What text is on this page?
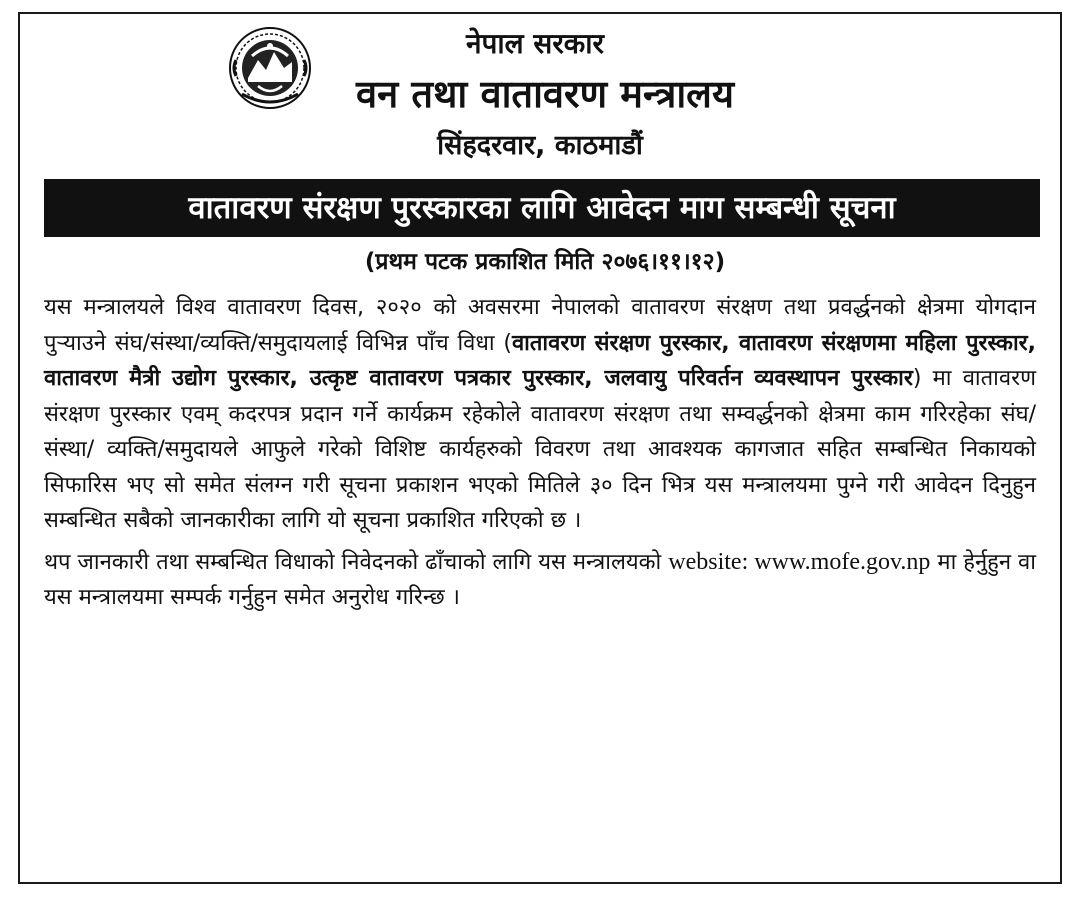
नेपाल सरकार
वन तथा वातावरण मन्त्रालय
सिंहदरवार, काठमाडौं
वातावरण संरक्षण पुरस्कारका लागि आवेदन माग सम्बन्धी सूचना
(प्रथम पटक प्रकाशित मिति २०७६।११।१२)

यस मन्त्रालयले विश्व वातावरण दिवस, २०२० को अवसरमा नेपालको वातावरण संरक्षण तथा प्रवर्द्धनको क्षेत्रमा योगदान पुऱ्याउने संघ/संस्था/व्यक्ति/समुदायलाई विभिन्न पाँच विधा (वातावरण संरक्षण पुरस्कार, वातावरण संरक्षणमा महिला पुरस्कार, वातावरण मैत्री उद्योग पुरस्कार, उत्कृष्ट वातावरण पत्रकार पुरस्कार, जलवायु परिवर्तन व्यवस्थापन पुरस्कार) मा वातावरण संरक्षण पुरस्कार एवम् कदरपत्र प्रदान गर्ने कार्यक्रम रहेकोले वातावरण संरक्षण तथा सम्वर्द्धनको क्षेत्रमा काम गरिरहेका संघ/संस्था/ व्यक्ति/समुदायले आफुले गरेको विशिष्ट कार्यहरुको विवरण तथा आवश्यक कागजात सहित सम्बन्धित निकायको सिफारिस भए सो समेत संलग्न गरी सूचना प्रकाशन भएको मितिले ३० दिन भित्र यस मन्त्रालयमा पुग्ने गरी आवेदन दिनुहुन सम्बन्धित सबैको जानकारीका लागि यो सूचना प्रकाशित गरिएको छ ।

थप जानकारी तथा सम्बन्धित विधाको निवेदनको ढाँचाको लागि यस मन्त्रालयको website: www.mofe.gov.np मा हेर्नुहुन वा यस मन्त्रालयमा सम्पर्क गर्नुहुन समेत अनुरोध गरिन्छ ।
